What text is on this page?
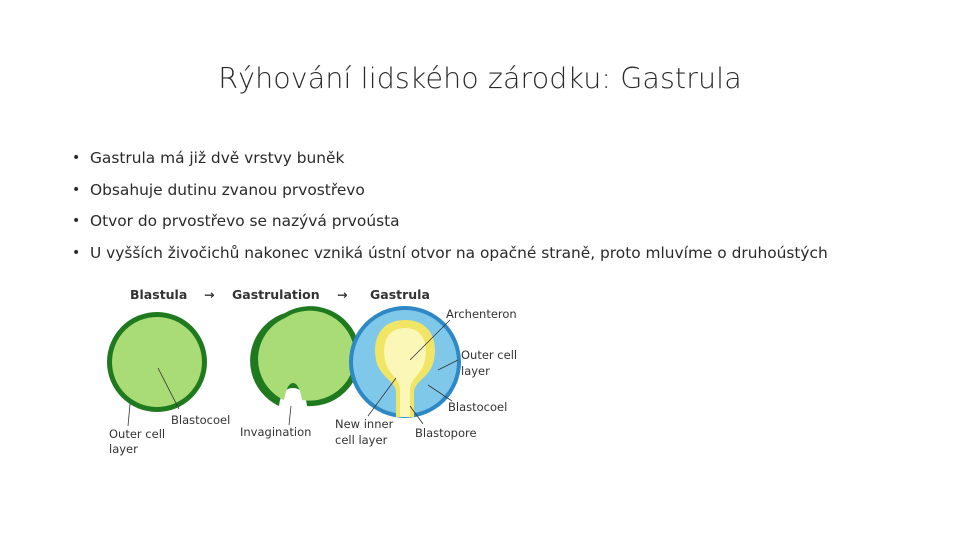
Rýhování lidského zárodku: Gastrula
• Gastrula má již dvě vrstvy buněk
• Obsahuje dutinu zvanou prvostřevo
• Otvor do prvostřevo se nazývá prvoústa
• U vyšších živočichů nakonec vzniká ústní otvor na opačné straně, proto mluvíme o druhoústých
Blastula → Gastrulation → Gastrula
Blastocoel
Outer cell
layer
Invagination
Archenteron
Outer cell
layer
Blastocoel
New inner
cell layer Blastopore
